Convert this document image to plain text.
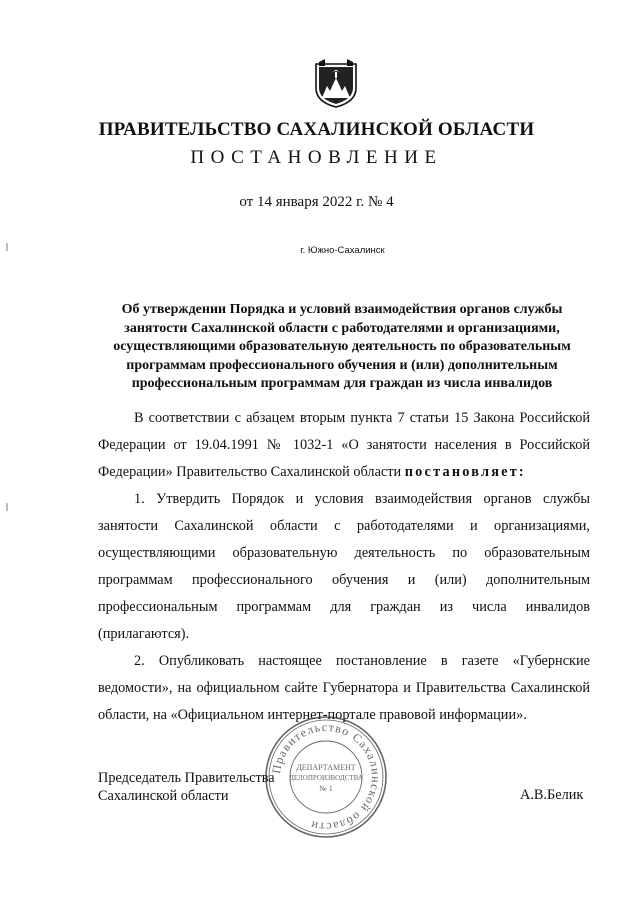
ПРАВИТЕЛЬСТВО САХАЛИНСКОЙ ОБЛАСТИ
ПОСТАНОВЛЕНИЕ
от 14 января 2022 г. № 4
г. Южно-Сахалинск
Об утверждении Порядка и условий взаимодействия органов службы занятости Сахалинской области с работодателями и организациями, осуществляющими образовательную деятельность по образовательным программам профессионального обучения и (или) дополнительным профессиональным программам для граждан из числа инвалидов

В соответствии с абзацем вторым пункта 7 статьи 15 Закона Российской Федерации от 19.04.1991 № 1032-1 «О занятости населения в Российской Федерации» Правительство Сахалинской области постановляет:

1. Утвердить Порядок и условия взаимодействия органов службы занятости Сахалинской области с работодателями и организациями, осуществляющими образовательную деятельность по образовательным программам профессионального обучения и (или) дополнительным профессиональным программам для граждан из числа инвалидов (прилагаются).

2. Опубликовать настоящее постановление в газете «Губернские ведомости», на официальном сайте Губернатора и Правительства Сахалинской области, на «Официальном интернет-портале правовой информации».

Председатель Правительства
Сахалинской области	А.В.Белик
Правительство Сахалинской области
ДЕПАРТАМЕНТ
ДЕЛОПРОИЗВОДСТВА
№ 1
